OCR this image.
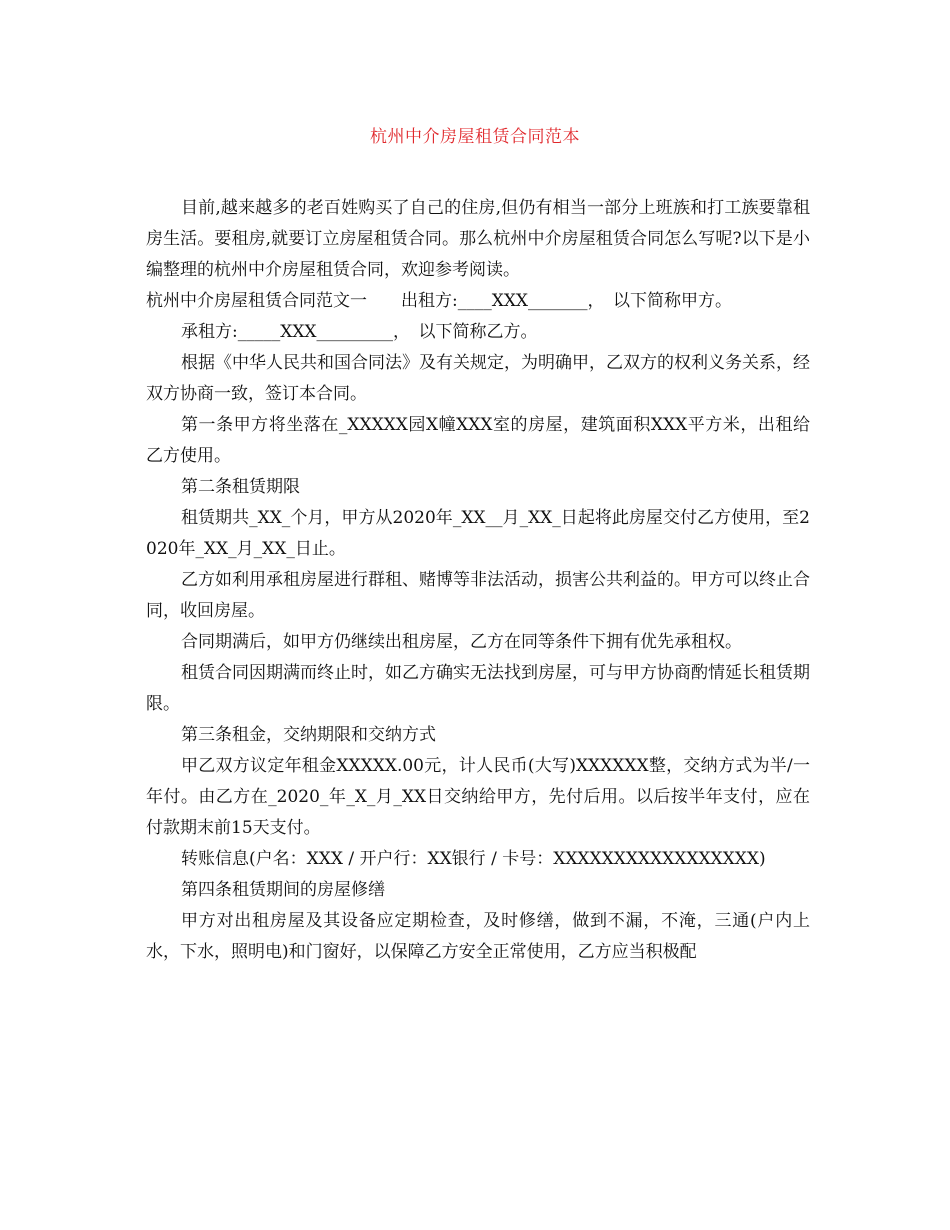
杭州中介房屋租赁合同范本

目前,越来越多的老百姓购买了自己的住房,但仍有相当一部分上班族和打工族要靠租房生活。要租房,就要订立房屋租赁合同。那么杭州中介房屋租赁合同怎么写呢?以下是小编整理的杭州中介房屋租赁合同，欢迎参考阅读。

杭州中介房屋租赁合同范文一　　出租方:____XXX_______，　以下简称甲方。

承租方:_____XXX_________，　以下简称乙方。

根据《中华人民共和国合同法》及有关规定，为明确甲，乙双方的权利义务关系，经双方协商一致，签订本合同。

第一条甲方将坐落在_XXXXX园X幢XXX室的房屋，建筑面积XXX平方米，出租给乙方使用。

第二条租赁期限

租赁期共_XX_个月，甲方从2020年_XX__月_XX_日起将此房屋交付乙方使用，至2020年_XX_月_XX_日止。

乙方如利用承租房屋进行群租、赌博等非法活动，损害公共利益的。甲方可以终止合同，收回房屋。

合同期满后，如甲方仍继续出租房屋，乙方在同等条件下拥有优先承租权。

租赁合同因期满而终止时，如乙方确实无法找到房屋，可与甲方协商酌情延长租赁期限。

第三条租金，交纳期限和交纳方式

甲乙双方议定年租金XXXXX.00元，计人民币(大写)XXXXXX整，交纳方式为半/一年付。由乙方在_2020_年_X_月_XX日交纳给甲方，先付后用。以后按半年支付，应在付款期末前15天支付。

转账信息(户名：XXX / 开户行：XX银行 / 卡号：XXXXXXXXXXXXXXXXX)

第四条租赁期间的房屋修缮

甲方对出租房屋及其设备应定期检查，及时修缮，做到不漏，不淹，三通(户内上水，下水，照明电)和门窗好，以保障乙方安全正常使用，乙方应当积极配
